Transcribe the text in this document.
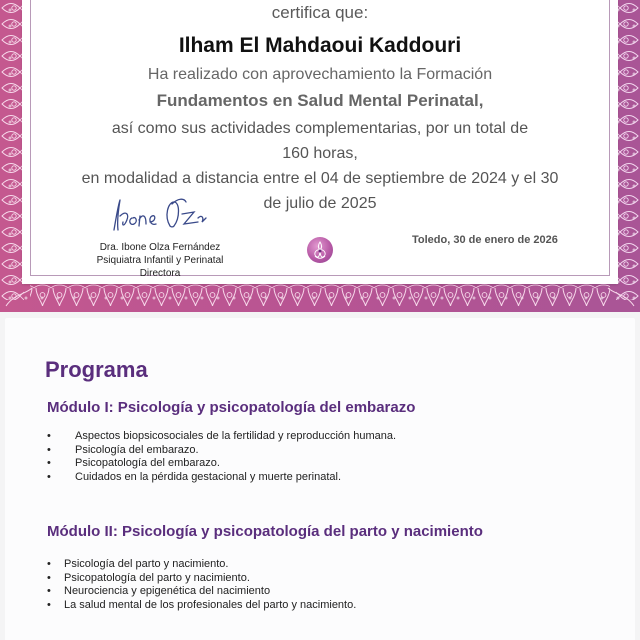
certifica que:
Ilham El Mahdaoui Kaddouri
Ha realizado con aprovechamiento la Formación
Fundamentos en Salud Mental Perinatal,
así como sus actividades complementarias, por un total de
160 horas,
en modalidad a distancia entre el 04 de septiembre de 2024 y el 30
de julio de 2025
Dra. Ibone Olza Fernández
Psiquiatra Infantil y Perinatal
Directora
Toledo, 30 de enero de 2026
Programa
Módulo I: Psicología y psicopatología del embarazo
• Aspectos biopsicosociales de la fertilidad y reproducción humana.
• Psicología del embarazo.
• Psicopatología del embarazo.
• Cuidados en la pérdida gestacional y muerte perinatal.
Módulo II: Psicología y psicopatología del parto y nacimiento
• Psicología del parto y nacimiento.
• Psicopatología del parto y nacimiento.
• Neurociencia y epigenética del nacimiento
• La salud mental de los profesionales del parto y nacimiento.
